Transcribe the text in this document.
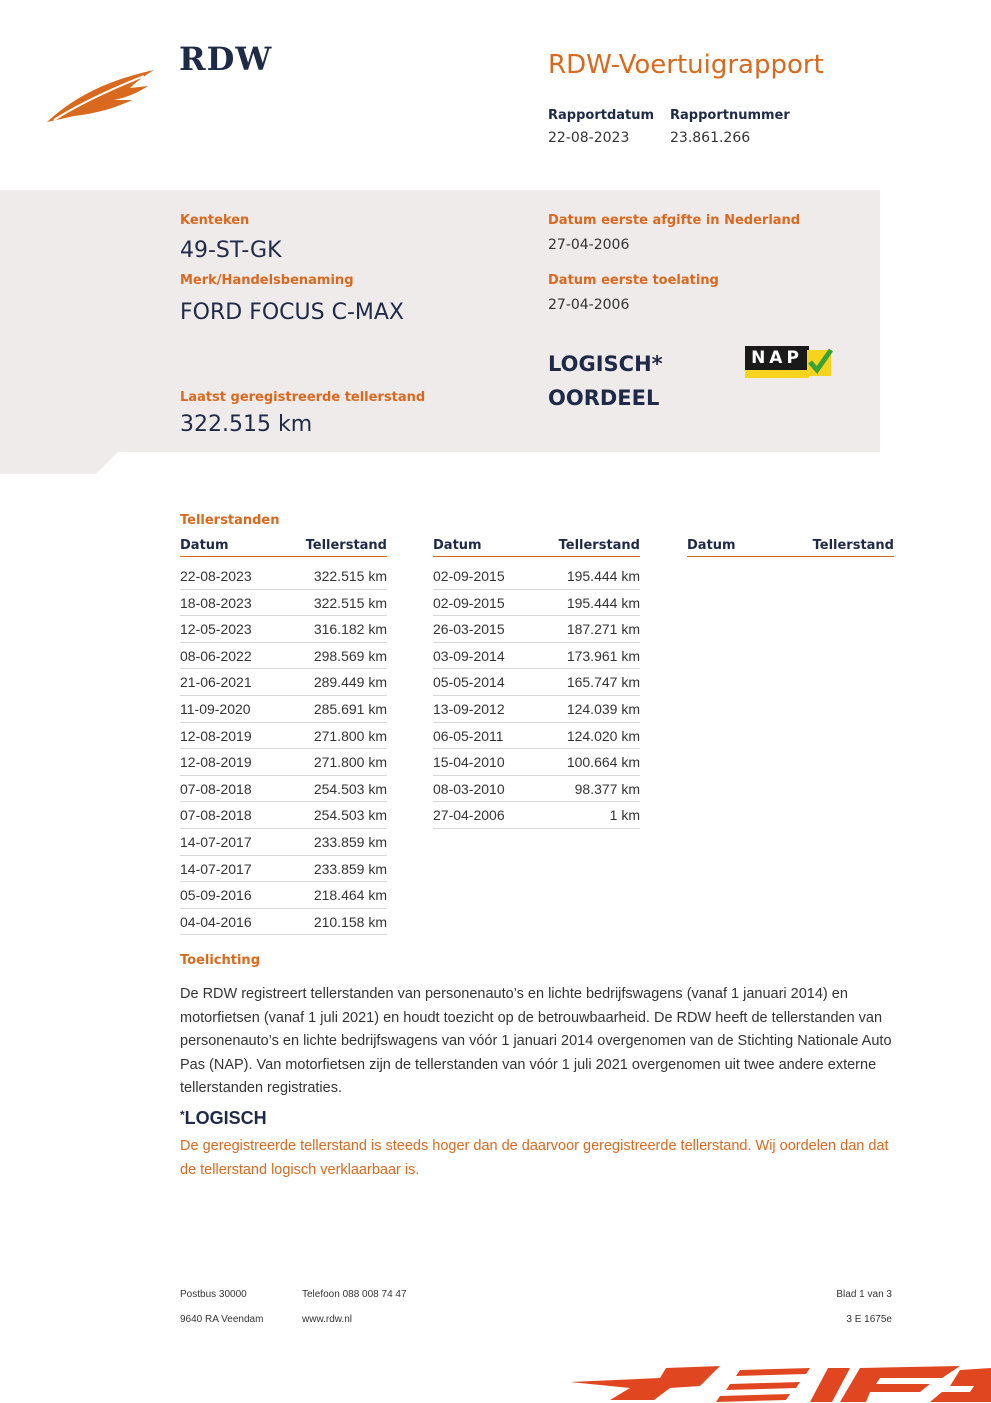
RDW	RDW-Voertuigrapport
Rapportdatum
22-08-2023
Rapportnummer
23.861.266
Kenteken
49-ST-GK
Merk/Handelsbenaming
FORD FOCUS C-MAX
Datum eerste afgifte in Nederland
27-04-2006
Datum eerste toelating
27-04-2006
LOGISCH*
OORDEEL
NAP
Laatst geregistreerde tellerstand
322.515 km
Tellerstanden
Datum	Tellerstand
22-08-2023	322.515 km
18-08-2023	322.515 km
12-05-2023	316.182 km
08-06-2022	298.569 km
21-06-2021	289.449 km
11-09-2020	285.691 km
12-08-2019	271.800 km
12-08-2019	271.800 km
07-08-2018	254.503 km
07-08-2018	254.503 km
14-07-2017	233.859 km
14-07-2017	233.859 km
05-09-2016	218.464 km
04-04-2016	210.158 km
Datum	Tellerstand
02-09-2015	195.444 km
02-09-2015	195.444 km
26-03-2015	187.271 km
03-09-2014	173.961 km
05-05-2014	165.747 km
13-09-2012	124.039 km
06-05-2011	124.020 km
15-04-2010	100.664 km
08-03-2010	98.377 km
27-04-2006	1 km
Datum	Tellerstand
Toelichting
De RDW registreert tellerstanden van personenauto’s en lichte bedrijfswagens (vanaf 1 januari 2014) en motorfietsen (vanaf 1 juli 2021) en houdt toezicht op de betrouwbaarheid. De RDW heeft de tellerstanden van personenauto’s en lichte bedrijfswagens van vóór 1 januari 2014 overgenomen van de Stichting Nationale Auto Pas (NAP). Van motorfietsen zijn de tellerstanden van vóór 1 juli 2021 overgenomen uit twee andere externe tellerstanden registraties.
*LOGISCH
De geregistreerde tellerstand is steeds hoger dan de daarvoor geregistreerde tellerstand. Wij oordelen dan dat de tellerstand logisch verklaarbaar is.
Postbus 30000
9640 RA Veendam
Telefoon 088 008 74 47
www.rdw.nl
Blad 1 van 3
3 E 1675e
